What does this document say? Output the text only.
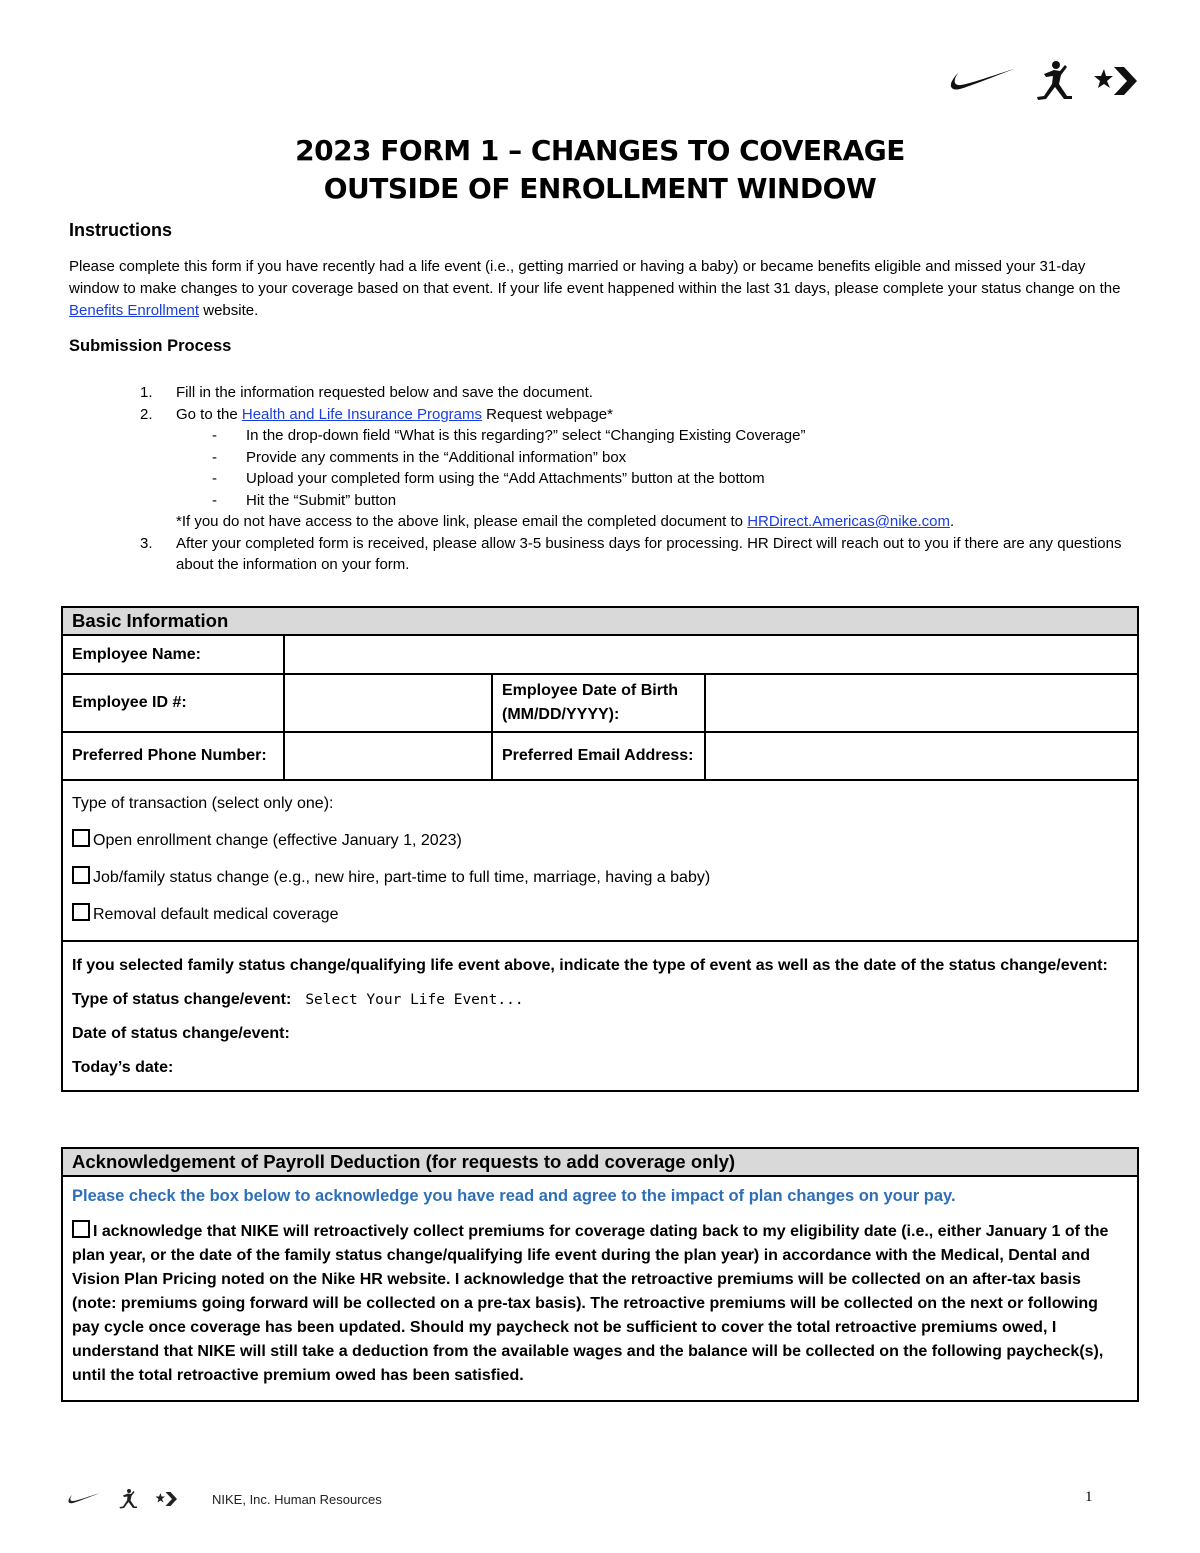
2023 FORM 1 – CHANGES TO COVERAGE
OUTSIDE OF ENROLLMENT WINDOW
Instructions
Please complete this form if you have recently had a life event (i.e., getting married or having a baby) or became benefits eligible and missed your 31-day window to make changes to your coverage based on that event. If your life event happened within the last 31 days, please complete your status change on the Benefits Enrollment website.
Submission Process
1. Fill in the information requested below and save the document.
2. Go to the Health and Life Insurance Programs Request webpage*
- In the drop-down field “What is this regarding?” select “Changing Existing Coverage”
- Provide any comments in the “Additional information” box
- Upload your completed form using the “Add Attachments” button at the bottom
- Hit the “Submit” button
*If you do not have access to the above link, please email the completed document to HRDirect.Americas@nike.com.
3. After your completed form is received, please allow 3-5 business days for processing. HR Direct will reach out to you if there are any questions about the information on your form.
Basic Information			
Employee Name:			
Employee ID #:		Employee Date of Birth (MM/DD/YYYY):	
Preferred Phone Number:		Preferred Email Address:	

Type of transaction (select only one):
Open enrollment change (effective January 1, 2023)
Job/family status change (e.g., new hire, part-time to full time, marriage, having a baby)
Removal default medical coverage			

If you selected family status change/qualifying life event above, indicate the type of event as well as the date of the status change/event:
Type of status change/event: Select Your Life Event...
Date of status change/event:
Today’s date:			
Acknowledgement of Payroll Deduction (for requests to add coverage only)

Please check the box below to acknowledge you have read and agree to the impact of plan changes on your pay.
I acknowledge that NIKE will retroactively collect premiums for coverage dating back to my eligibility date (i.e., either January 1 of the plan year, or the date of the family status change/qualifying life event during the plan year) in accordance with the Medical, Dental and Vision Plan Pricing noted on the Nike HR website. I acknowledge that the retroactive premiums will be collected on an after-tax basis (note: premiums going forward will be collected on a pre-tax basis). The retroactive premiums will be collected on the next or following pay cycle once coverage has been updated. Should my paycheck not be sufficient to cover the total retroactive premiums owed, I understand that NIKE will still take a deduction from the available wages and the balance will be collected on the following paycheck(s), until the total retroactive premium owed has been satisfied.
NIKE, Inc. Human Resources	1
